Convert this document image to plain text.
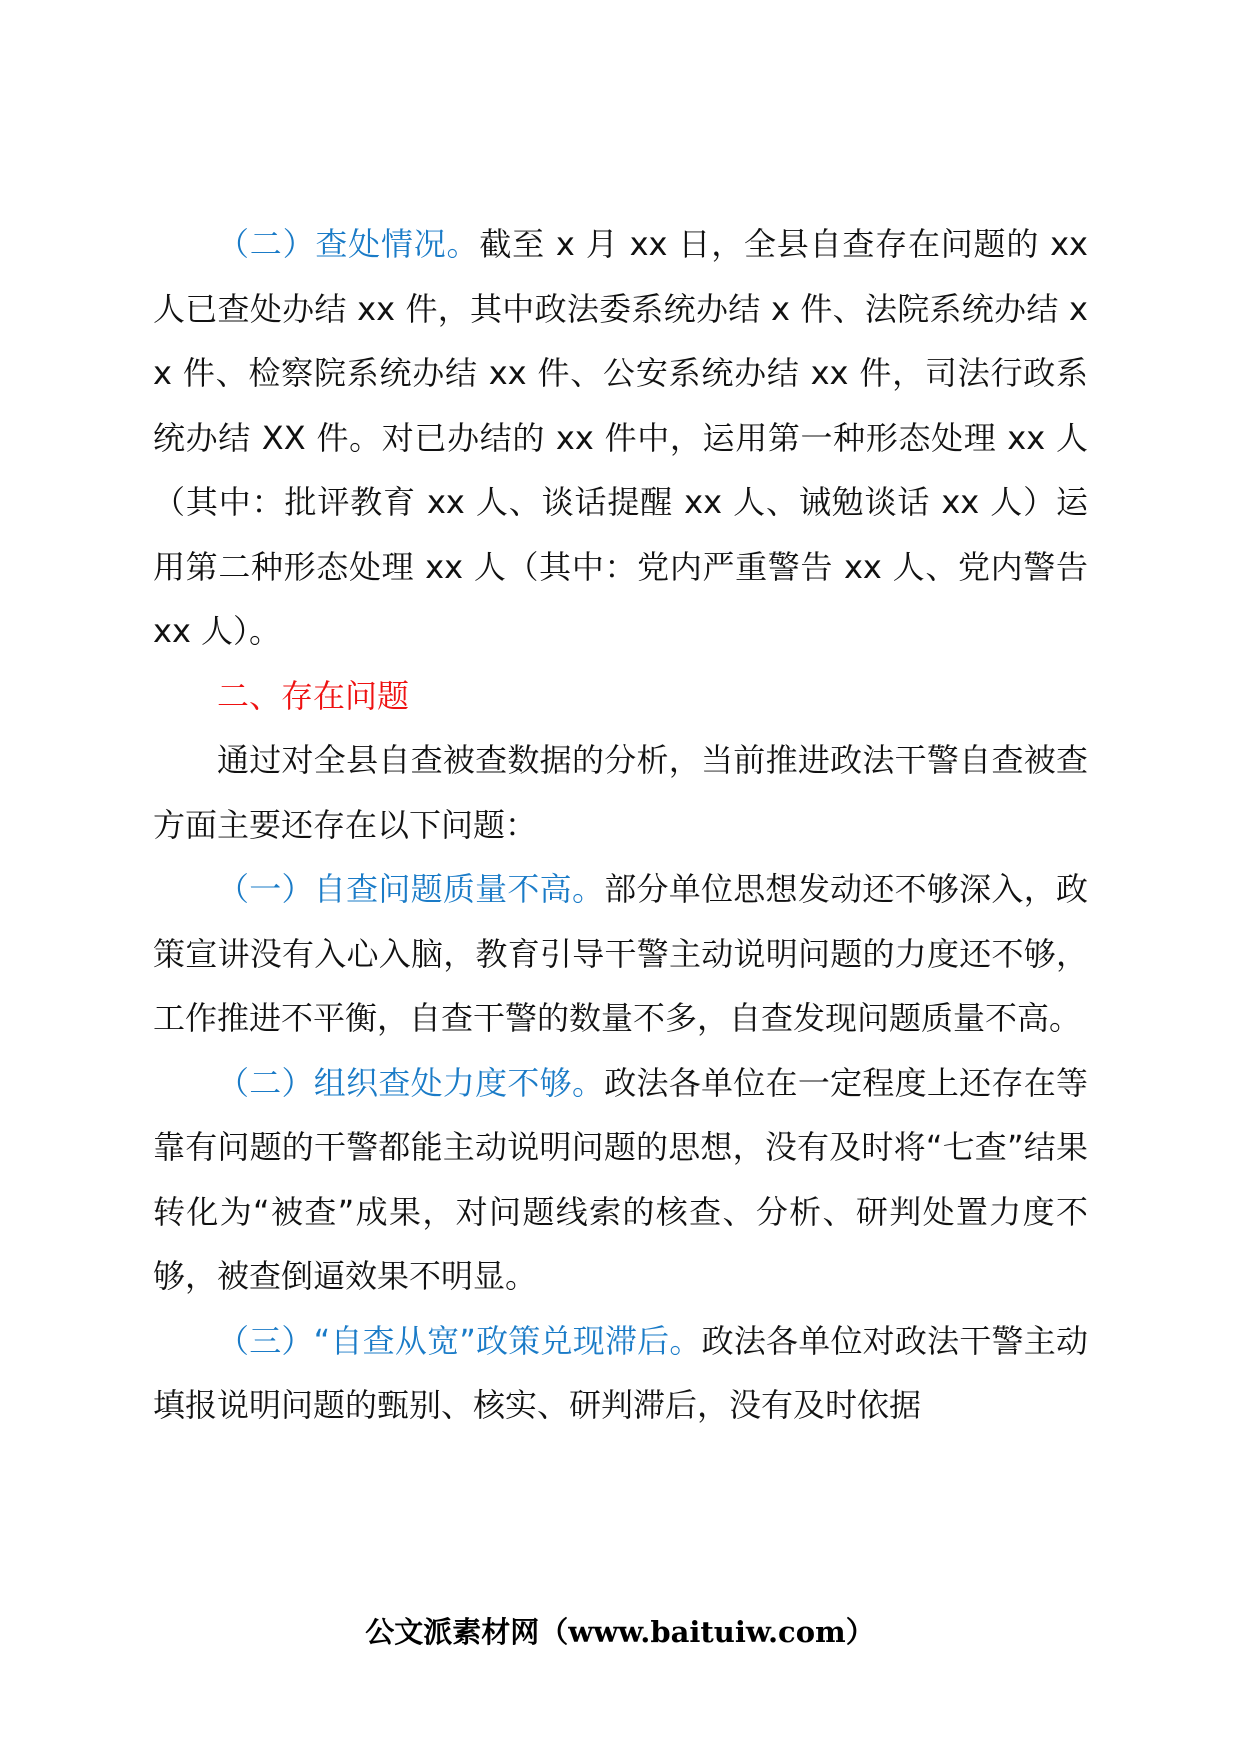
（二）查处情况。截至 x 月 xx 日，全县自查存在问题的 xx 人已查处办结 xx 件，其中政法委系统办结 x 件、法院系统办结 xx 件、检察院系统办结 xx 件、公安系统办结 xx 件，司法行政系统办结 XX 件。对已办结的 xx 件中，运用第一种形态处理 xx 人（其中：批评教育 xx 人、谈话提醒 xx 人、诫勉谈话 xx 人）运用第二种形态处理 xx 人（其中：党内严重警告 xx 人、党内警告 xx 人）。

二、存在问题

通过对全县自查被查数据的分析，当前推进政法干警自查被查方面主要还存在以下问题：

（一）自查问题质量不高。部分单位思想发动还不够深入，政策宣讲没有入心入脑，教育引导干警主动说明问题的力度还不够，工作推进不平衡，自查干警的数量不多，自查发现问题质量不高。

（二）组织查处力度不够。政法各单位在一定程度上还存在等靠有问题的干警都能主动说明问题的思想，没有及时将“七查”结果转化为“被查”成果，对问题线索的核查、分析、研判处置力度不够，被查倒逼效果不明显。

（三）“自查从宽”政策兑现滞后。政法各单位对政法干警主动填报说明问题的甄别、核实、研判滞后，没有及时依据

公文派素材网（www.baituiw.com）
